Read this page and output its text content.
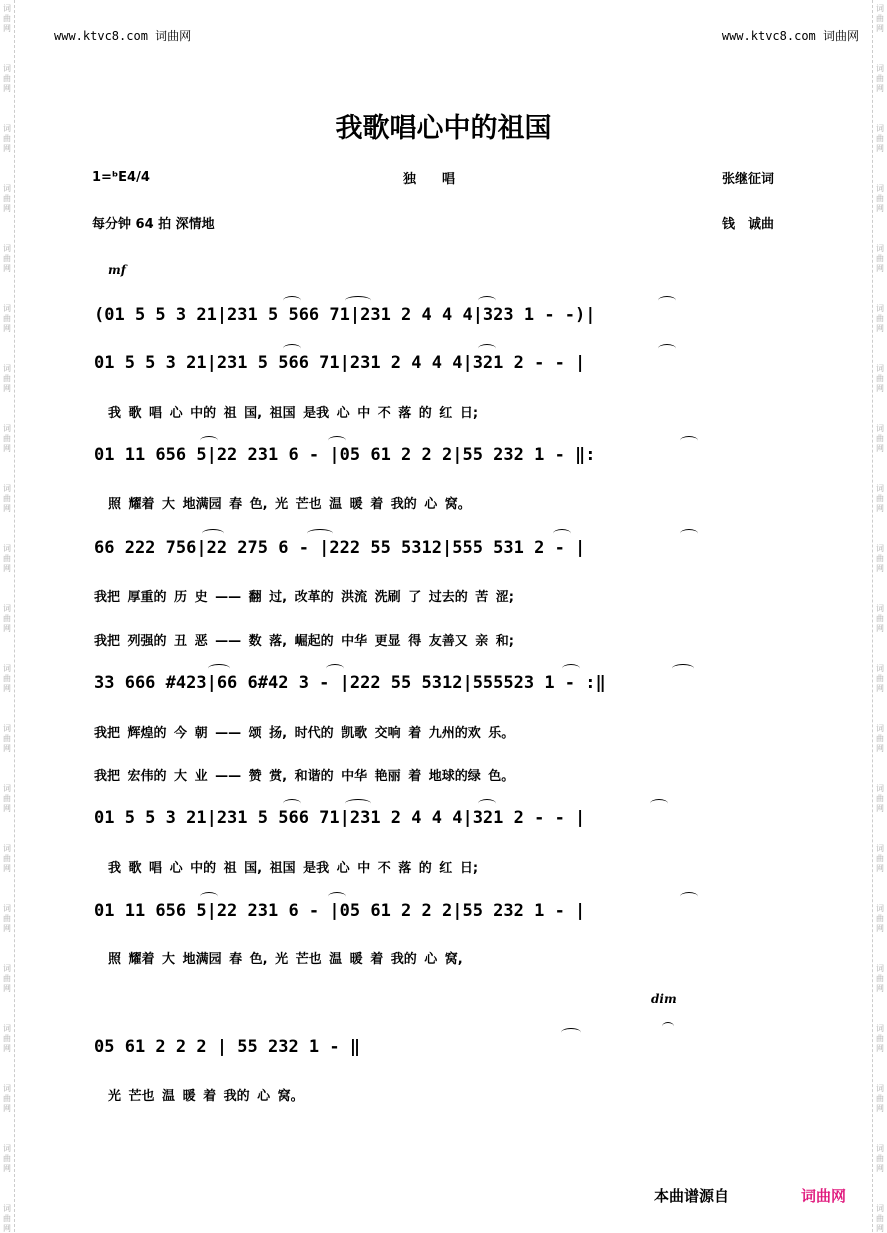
词
曲
网
词
曲
网
词
曲
网
词
曲
网
词
曲
网
词
曲
网
词
曲
网
词
曲
网
词
曲
网
词
曲
网
词
曲
网
词
曲
网
词
曲
网
词
曲
网
词
曲
网
词
曲
网
词
曲
网
词
曲
网
词
曲
网
词
曲
网
词
曲
网
词
曲
网
词
曲
网
词
曲
网
词
曲
网
词
曲
网
词
曲
网
词
曲
网
词
曲
网
词
曲
网
词
曲
网
词
曲
网
词
曲
网
词
曲
网
词
曲
网
词
曲
网
词
曲
网
词
曲
网
词
曲
网
词
曲
网
词
曲
网
词
曲
网
www.ktvc8.com 词曲网	www.ktvc8.com 词曲网
我歌唱心中的祖国
1=ᵇE4/4	独　　唱	张继征词
每分钟 64 拍 深情地	钱　诚曲
mf
dim
(01 5 5 3 21|231 5 566 71|231 2 4 4 4|323 1 - -)|
01 5 5 3 21|231 5 566 71|231 2 4 4 4|321 2 - - |
我 歌 唱 心 中的 祖 国, 祖国 是我 心 中 不 落 的 红 日;
01 11 656 5|22 231 6 - |05 61 2 2 2|55 232 1 - ‖:
照 耀着 大 地满园 春 色, 光 芒也 温 暖 着 我的 心 窝。
66 222 756|22 275 6 - |222 55 5312|555 531 2 - |
我把 厚重的 历 史 —— 翻 过, 改革的 洪流 洗刷 了 过去的 苦 涩;
我把 列强的 丑 恶 —— 数 落, 崛起的 中华 更显 得 友善又 亲 和;
33 666 #423|66 6#42 3 - |222 55 5312|555523 1 - :‖
我把 辉煌的 今 朝 —— 颂 扬, 时代的 凯歌 交响 着 九州的欢 乐。
我把 宏伟的 大 业 —— 赞 赏, 和谐的 中华 艳丽 着 地球的绿 色。
01 5 5 3 21|231 5 566 71|231 2 4 4 4|321 2 - - |
我 歌 唱 心 中的 祖 国, 祖国 是我 心 中 不 落 的 红 日;
01 11 656 5|22 231 6 - |05 61 2 2 2|55 232 1 - |
照 耀着 大 地满园 春 色, 光 芒也 温 暖 着 我的 心 窝,
05 61 2 2 2 | 55 232 1 - ‖
光 芒也 温 暖 着 我的 心 窝。
本曲谱源自	词曲网
